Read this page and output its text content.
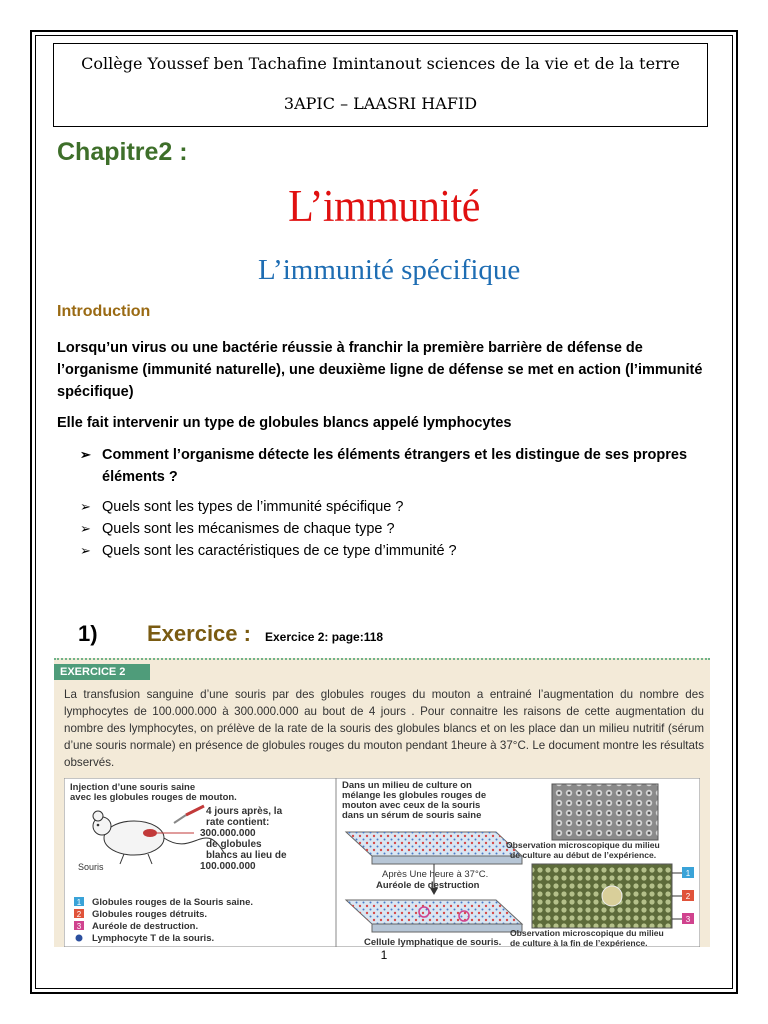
Collège Youssef ben Tachafine Imintanout sciences de la vie et de la terre
3APIC – LAASRI HAFID
Chapitre2 :
L’immunité
L’immunité spécifique
Introduction
Lorsqu’un virus ou une bactérie réussie à franchir la première barrière de défense de l’organisme (immunité naturelle), une deuxième ligne de défense se met en action (l’immunité spécifique)
Elle fait intervenir un type de globules blancs appelé lymphocytes
➢ Comment l’organisme détecte les éléments étrangers et les distingue de ses propres éléments ?
➢ Quels sont les types de l’immunité spécifique ?
➢ Quels sont les mécanismes de chaque type ?
➢ Quels sont les caractéristiques de ce type d’immunité ?
1) Exercice : Exercice 2: page:118
EXERCICE 2
La transfusion sanguine d’une souris par des globules rouges du mouton a entrainé l’augmentation du nombre des lymphocytes de 100.000.000 à 300.000.000 au bout de 4 jours . Pour connaitre les raisons de cette augmentation du nombre des lymphocytes, on prélève de la rate de la souris des globules blancs et on les place dan un milieu nutritif (sérum d’une souris normale) en présence de globules rouges du mouton pendant 1heure à 37°C. Le document montre les résultats observés.
Injection d’une souris saine avec les globules rouges de mouton.
Souris
4 jours après, la rate contient: 300.000.000 de globules blancs au lieu de 100.000.000
1 Globules rouges de la Souris saine.
2 Globules rouges détruits.
3 Auréole de destruction.
Lymphocyte T de la souris.
Dans un milieu de culture on mélange les globules rouges de mouton avec ceux de la souris dans un sérum de souris saine
Après Une heure à 37°C.
Auréole de destruction
Cellule lymphatique de souris.
Observation microscopique du milieu de culture au début de l’expérience.
1
2
3
Observation microscopique du milieu de culture à la fin de l’expérience.
1
